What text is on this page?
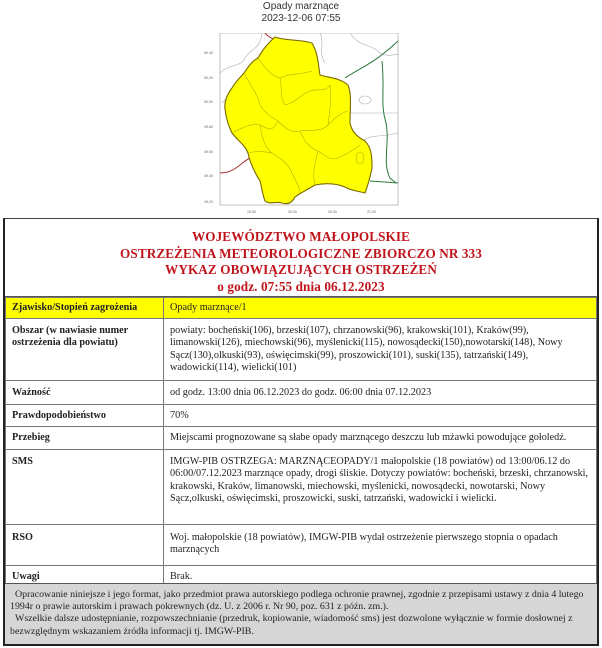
Opady marznące
2023-12-06 07:55
50.40
50.20
50.00
49.80
49.60
49.40
49.20
19.50	20.00	20.50	21.00
WOJEWÓDZTWO MAŁOPOLSKIE
OSTRZEŻENIA METEOROLOGICZNE ZBIORCZO NR 333
WYKAZ OBOWIĄZUJĄCYCH OSTRZEŻEŃ
o godz. 07:55 dnia 06.12.2023
Zjawisko/Stopień zagrożenia	Opady marznące/1
Obszar (w nawiasie numer ostrzeżenia dla powiatu)	powiaty: bocheński(106), brzeski(107), chrzanowski(96), krakowski(101), Kraków(99), limanowski(126), miechowski(96), myślenicki(115), nowosądecki(150),nowotarski(148), Nowy Sącz(130),olkuski(93), oświęcimski(99), proszowicki(101), suski(135), tatrzański(149), wadowicki(114), wielicki(101)
Ważność	od godz. 13:00 dnia 06.12.2023 do godz. 06:00 dnia 07.12.2023
Prawdopodobieństwo	70%
Przebieg	Miejscami prognozowane są słabe opady marznącego deszczu lub mżawki powodujące gołoledź.
SMS	IMGW-PIB OSTRZEGA: MARZNĄCEOPADY/1 małopolskie (18 powiatów) od 13:00/06.12 do 06:00/07.12.2023 marznące opady, drogi śliskie. Dotyczy powiatów: bocheński, brzeski, chrzanowski, krakowski, Kraków, limanowski, miechowski, myślenicki, nowosądecki, nowotarski, Nowy Sącz,olkuski, oświęcimski, proszowicki, suski, tatrzański, wadowicki i wielicki.
RSO	Woj. małopolskie (18 powiatów), IMGW-PIB wydał ostrzeżenie pierwszego stopnia o opadach marznących
Uwagi	Brak.

Opracowanie niniejsze i jego format, jako przedmiot prawa autorskiego podlega ochronie prawnej, zgodnie z przepisami ustawy z dnia 4 lutego 1994r o prawie autorskim i prawach pokrewnych (dz. U. z 2006 r. Nr 90, poz. 631 z późn. zm.).

Wszelkie dalsze udostępnianie, rozpowszechnianie (przedruk, kopiowanie, wiadomość sms) jest dozwolone wyłącznie w formie dosłownej z bezwzględnym wskazaniem źródła informacji tj. IMGW-PIB.
